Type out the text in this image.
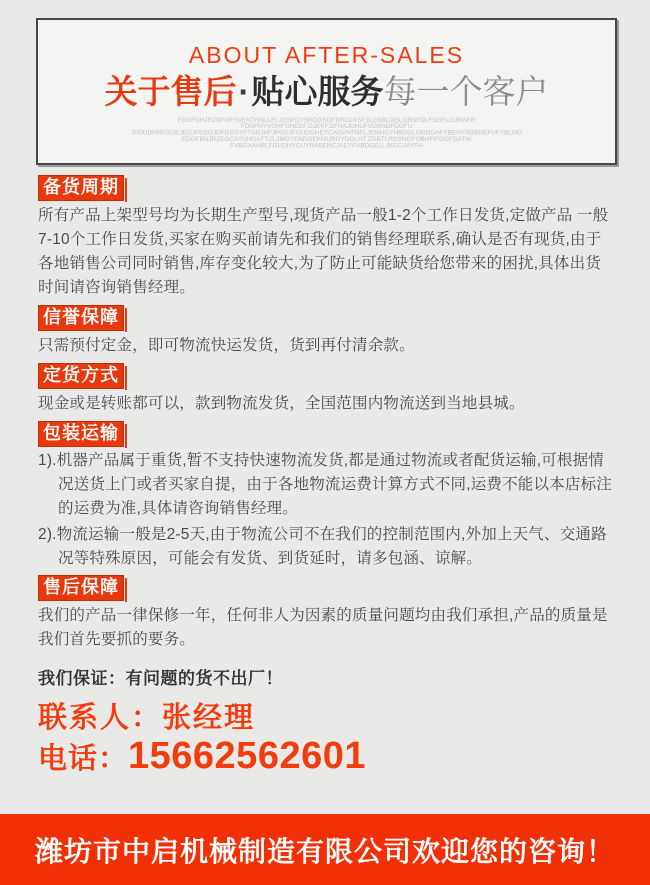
ABOUT AFTER-SALES
关于售后·贴心服务每一个客户
FDGFDHJRZDFGFSVENTRNLLFLJGSFDYSRDGSOFDRDLKSFJLGSBLDGLGRSFDLFSGFLGJRGFR
FDGFHYVGHFGHEDF.DJEKF.DFHAJUHUFVDBNDFDGFU
JFGUDHRFGIJEJEGJFEDGJDFGGSYFTGBJHFJFGUJFGUDGHEYCAGVHTNFLJEMHGYHBOGLGRDGAFYBEHYSGBNEFUFYBLMG
EDGFBNJRZEGCAYUHGAFT.G.JMGYENRGEKMURGYDGLHT.ZGBTLRGSNGFOBHFIFGDFGATW
FVBGXAHBLFGUDHYGUYRABENCJAEYFVBDGELLJKGGJAYFH
备货周期
所有产品上架型号均为长期生产型号,现货产品一般1-2个工作日发货,定做产品 一般7-10个工作日发货,买家在购买前请先和我们的销售经理联系,确认是否有现货,由于各地销售公司同时销售,库存变化较大,为了防止可能缺货给您带来的困扰,具体出货时间请咨询销售经理。
信誉保障
只需预付定金，即可物流快运发货，货到再付清余款。
定货方式
现金或是转账都可以，款到物流发货，全国范围内物流送到当地县城。
包装运输
1).机器产品属于重货,暂不支持快速物流发货,都是通过物流或者配货运输,可根据情况送货上门或者买家自提，由于各地物流运费计算方式不同,运费不能以本店标注的运费为准,具体请咨询销售经理。
2).物流运输一般是2-5天,由于物流公司不在我们的控制范围内,外加上天气、交通路况等特殊原因，可能会有发货、到货延时，请多包涵、谅解。
售后保障
我们的产品一律保修一年，任何非人为因素的质量问题均由我们承担,产品的质量是我们首先要抓的要务。
我们保证：有问题的货不出厂！
联系人：张经理
电话：15662562601
潍坊市中启机械制造有限公司欢迎您的咨询！
